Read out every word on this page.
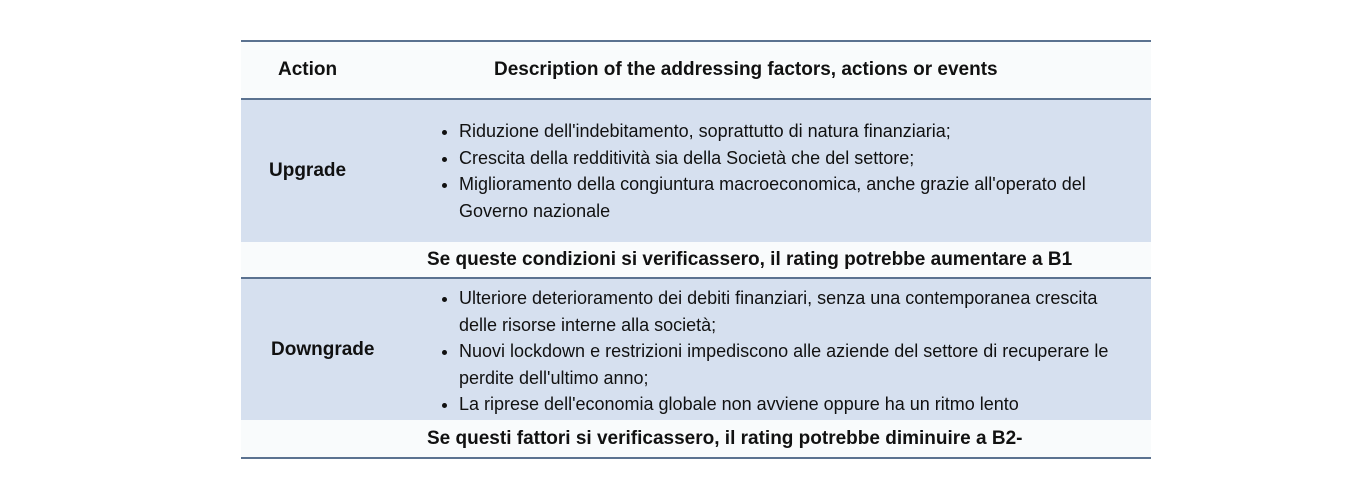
Action	Description of the addressing factors, actions or events
Upgrade
• Riduzione dell'indebitamento, soprattutto di natura finanziaria;
• Crescita della redditività sia della Società che del settore;
• Miglioramento della congiuntura macroeconomica, anche grazie all'operato del Governo nazionale
Se queste condizioni si verificassero, il rating potrebbe aumentare a B1
Downgrade
• Ulteriore deterioramento dei debiti finanziari, senza una contemporanea crescita delle risorse interne alla società;
• Nuovi lockdown e restrizioni impediscono alle aziende del settore di recuperare le perdite dell'ultimo anno;
• La riprese dell'economia globale non avviene oppure ha un ritmo lento
Se questi fattori si verificassero, il rating potrebbe diminuire a B2-
